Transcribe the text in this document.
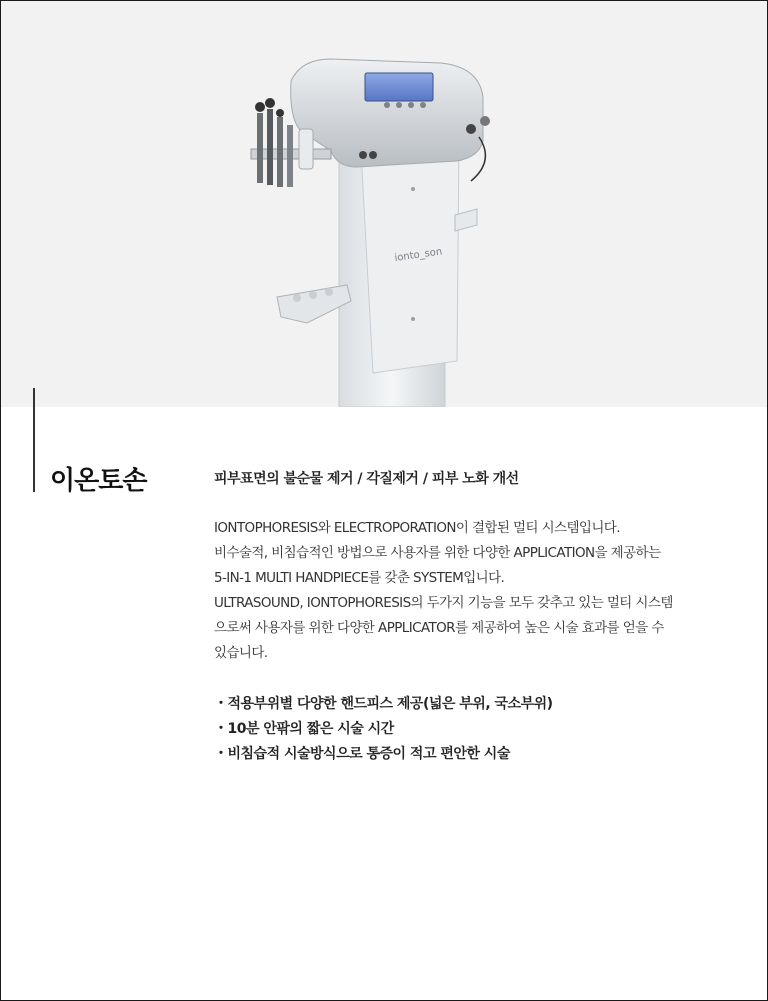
ionto_son
이온토손	피부표면의 불순물 제거 / 각질제거 / 피부 노화 개선
IONTOPHORESIS와 ELECTROPORATION이 결합된 멀티 시스템입니다.
비수술적, 비침습적인 방법으로 사용자를 위한 다양한 APPLICATION을 제공하는
5-IN-1 MULTI HANDPIECE를 갖춘 SYSTEM입니다.
ULTRASOUND, IONTOPHORESIS의 두가지 기능을 모두 갖추고 있는 멀티 시스템
으로써 사용자를 위한 다양한 APPLICATOR를 제공하여 높은 시술 효과를 얻을 수
있습니다.
・적용부위별 다양한 핸드피스 제공(넓은 부위, 국소부위)
・10분 안팎의 짧은 시술 시간
・비침습적 시술방식으로 통증이 적고 편안한 시술
